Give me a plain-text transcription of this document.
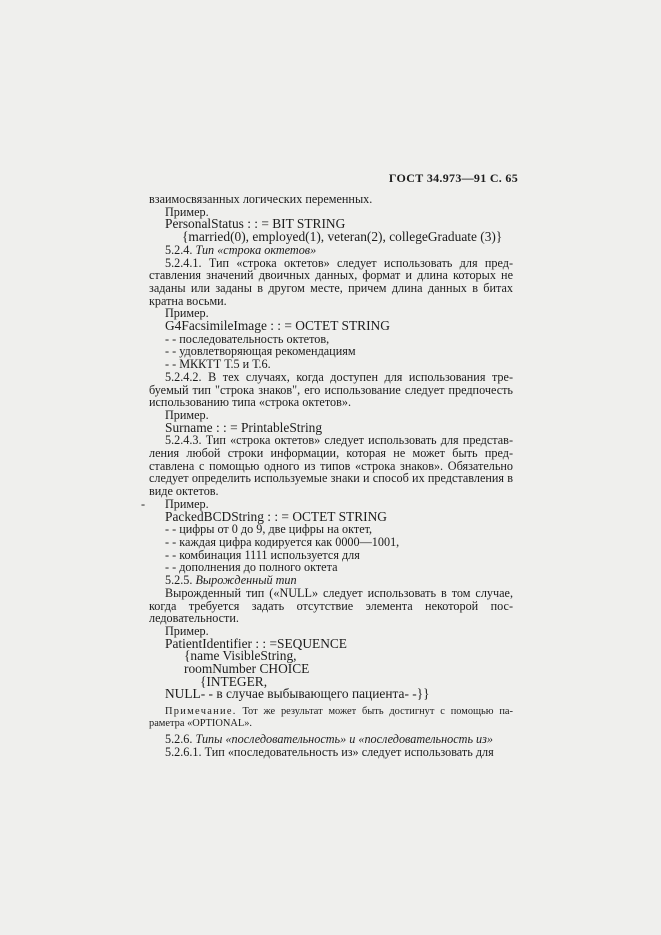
ГОСТ 34.973—91 С. 65

взаимосвязанных логических переменных.

Пример.

PersonalStatus : : = BIT STRING

{married(0), employed(1), veteran(2), collegeGraduate (3)}

5.2.4. Тип «строка октетов»

5.2.4.1. Тип «строка октетов» следует использовать для представления значений двоичных данных, формат и длина которых не заданы или заданы в другом месте, причем длина данных в битах кратна восьми.

Пример.

G4FacsimileImage : : = OCTET STRING

- - последовательность октетов,

- - удовлетворяющая рекомендациям

- - МККТТ Т.5 и Т.6.

5.2.4.2. В тех случаях, когда доступен для использования требуемый тип "строка знаков", его использование следует предпочесть использованию типа «строка октетов».

Пример.

Surname : : = PrintableString

5.2.4.3. Тип «строка октетов» следует использовать для представления любой строки информации, которая не может быть представлена с помощью одного из типов «строка знаков». Обязательно следует определить используемые знаки и способ их представления в виде октетов.

- Пример.

PackedBCDString : : = OCTET STRING

- - цифры от 0 до 9, две цифры на октет,

- - каждая цифра кодируется как 0000—1001,

- - комбинация 1111 используется для

- - дополнения до полного октета

5.2.5. Вырожденный тип

Вырожденный тип («NULL» следует использовать в том случае, когда требуется задать отсутствие элемента некоторой последовательности.

Пример.

PatientIdentifier : : =SEQUENCE

{name VisibleString,

roomNumber CHOICE

{INTEGER,

NULL- - в случае выбывающего пациента- -}}

Примечание. Тот же результат может быть достигнут с помощью параметра «OPTIONAL».

5.2.6. Типы «последовательность» и «последовательность из»

5.2.6.1. Тип «последовательность из» следует использовать для
